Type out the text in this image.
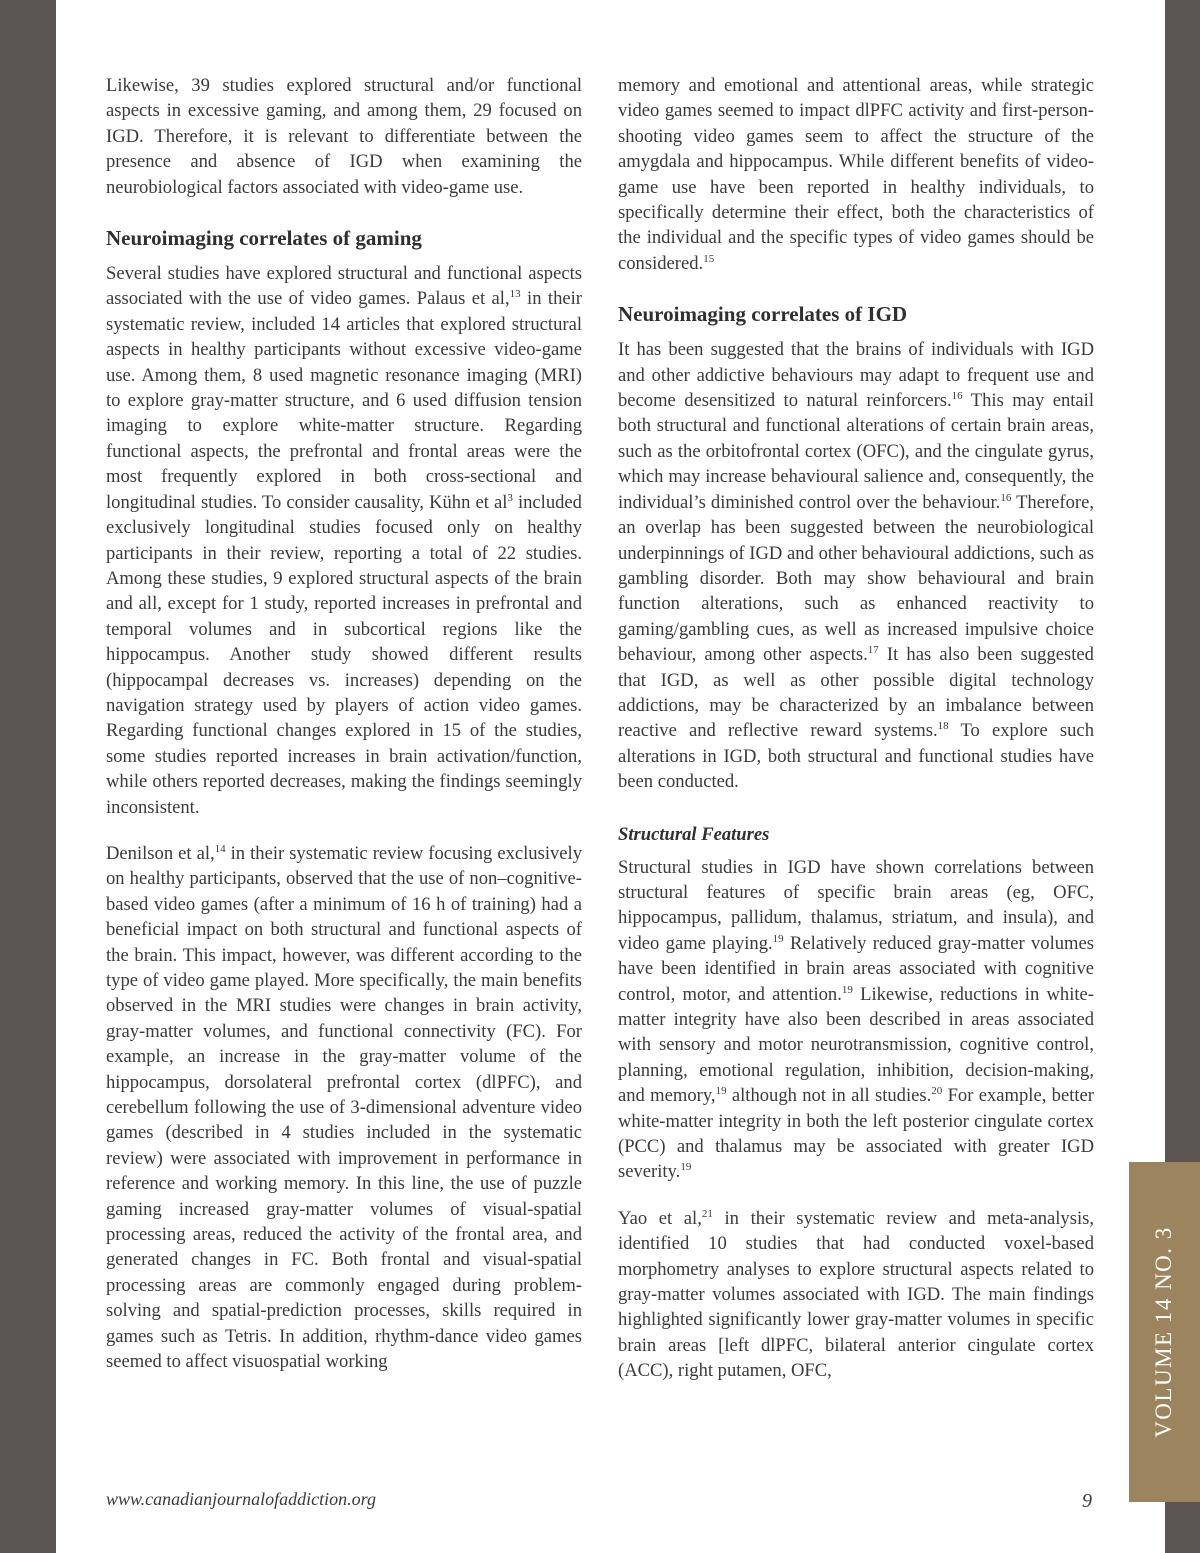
Likewise, 39 studies explored structural and/or functional aspects in excessive gaming, and among them, 29 focused on IGD. Therefore, it is relevant to differentiate between the presence and absence of IGD when examining the neurobiological factors associated with video-game use.

Neuroimaging correlates of gaming

Several studies have explored structural and functional aspects associated with the use of video games. Palaus et al,$^{13}$ in their systematic review, included 14 articles that explored structural aspects in healthy participants without excessive video-game use. Among them, 8 used magnetic resonance imaging (MRI) to explore gray-matter structure, and 6 used diffusion tension imaging to explore white-matter structure. Regarding functional aspects, the prefrontal and frontal areas were the most frequently explored in both cross-sectional and longitudinal studies. To consider causality, Kühn et $al^3$ included exclusively longitudinal studies focused only on healthy participants in their review, reporting a total of 22 studies. Among these studies, 9 explored structural aspects of the brain and all, except for 1 study, reported increases in prefrontal and temporal volumes and in subcortical regions like the hippocampus. Another study showed different results (hippocampal decreases vs. increases) depending on the navigation strategy used by players of action video games. Regarding functional changes explored in 15 of the studies, some studies reported increases in brain activation/function, while others reported decreases, making the findings seemingly inconsistent.

Denilson et al,$^{14}$ in their systematic review focusing exclusively on healthy participants, observed that the use of non–cognitive-based video games (after a minimum of 16 h of training) had a beneficial impact on both structural and functional aspects of the brain. This impact, however, was different according to the type of video game played. More specifically, the main benefits observed in the MRI studies were changes in brain activity, gray-matter volumes, and functional connectivity (FC). For example, an increase in the gray-matter volume of the hippocampus, dorsolateral prefrontal cortex (dlPFC), and cerebellum following the use of 3-dimensional adventure video games (described in 4 studies included in the systematic review) were associated with improvement in performance in reference and working memory. In this line, the use of puzzle gaming increased gray-matter volumes of visual-spatial processing areas, reduced the activity of the frontal area, and generated changes in FC. Both frontal and visual-spatial processing areas are commonly engaged during problem-solving and spatial-prediction processes, skills required in games such as Tetris. In addition, rhythm-dance video games seemed to affect visuospatial working

memory and emotional and attentional areas, while strategic video games seemed to impact dlPFC activity and first-person-shooting video games seem to affect the structure of the amygdala and hippocampus. While different benefits of video-game use have been reported in healthy individuals, to specifically determine their effect, both the characteristics of the individual and the specific types of video games should be considered.$^{15}$

Neuroimaging correlates of IGD

It has been suggested that the brains of individuals with IGD and other addictive behaviours may adapt to frequent use and become desensitized to natural reinforcers.$^{16}$ This may entail both structural and functional alterations of certain brain areas, such as the orbitofrontal cortex (OFC), and the cingulate gyrus, which may increase behavioural salience and, consequently, the individual’s diminished control over the behaviour.$^{16}$ Therefore, an overlap has been suggested between the neurobiological underpinnings of IGD and other behavioural addictions, such as gambling disorder. Both may show behavioural and brain function alterations, such as enhanced reactivity to gaming/gambling cues, as well as increased impulsive choice behaviour, among other aspects.$^{17}$ It has also been suggested that IGD, as well as other possible digital technology addictions, may be characterized by an imbalance between reactive and reflective reward systems.$^{18}$ To explore such alterations in IGD, both structural and functional studies have been conducted.

Structural Features

Structural studies in IGD have shown correlations between structural features of specific brain areas (eg, OFC, hippocampus, pallidum, thalamus, striatum, and insula), and video game playing.$^{19}$ Relatively reduced gray-matter volumes have been identified in brain areas associated with cognitive control, motor, and attention.$^{19}$ Likewise, reductions in white-matter integrity have also been described in areas associated with sensory and motor neurotransmission, cognitive control, planning, emotional regulation, inhibition, decision-making, and memory,$^{19}$ although not in all studies.$^{20}$ For example, better white-matter integrity in both the left posterior cingulate cortex (PCC) and thalamus may be associated with greater IGD severity.$^{19}$

Yao et al,$^{21}$ in their systematic review and meta-analysis, identified 10 studies that had conducted voxel-based morphometry analyses to explore structural aspects related to gray-matter volumes associated with IGD. The main findings highlighted significantly lower gray-matter volumes in specific brain areas [left dlPFC, bilateral anterior cingulate cortex (ACC), right putamen, OFC,

www.canadianjournalofaddiction.org	9
VOLUME 14 NO. 3
